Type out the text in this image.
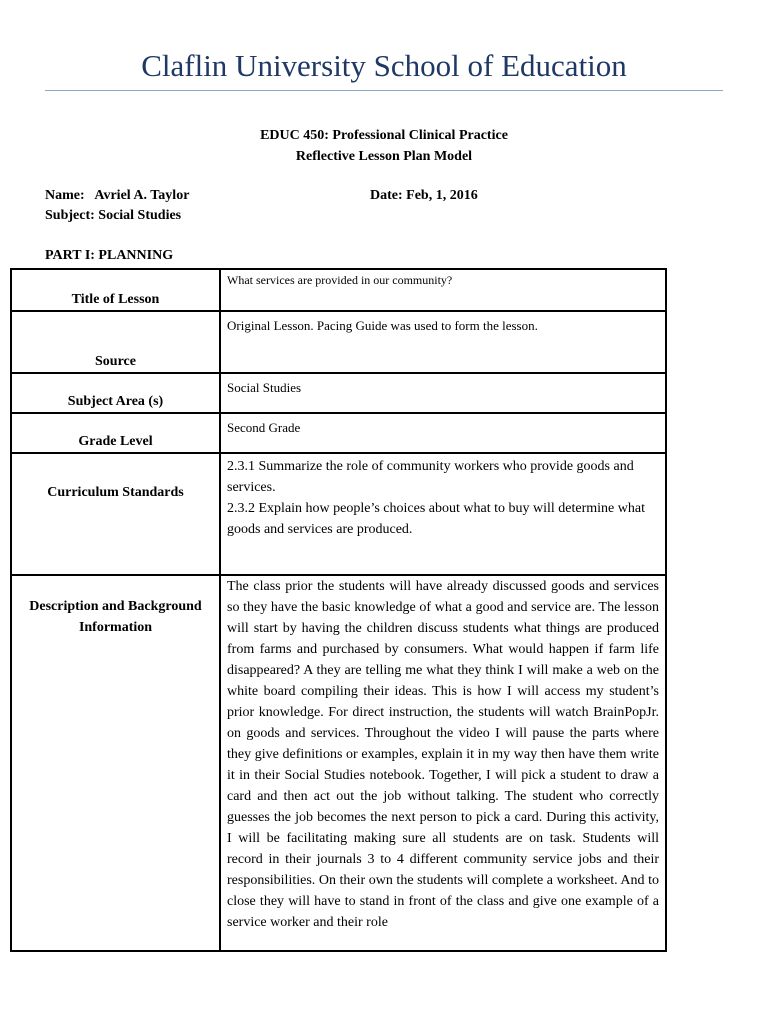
Claflin University School of Education
EDUC 450: Professional Clinical Practice
Reflective Lesson Plan Model
Name: Avriel A. Taylor	Date: Feb, 1, 2016
Subject: Social Studies
PART I: PLANNING
Title of Lesson	What services are provided in our community?

Source	Original Lesson. Pacing Guide was used to form the lesson.

Subject Area (s)	Social Studies

Grade Level	Second Grade

Curriculum Standards	2.3.1 Summarize the role of community workers who provide goods and services.
2.3.2 Explain how people’s choices about what to buy will determine what goods and services are produced.

Description and Background Information	The class prior the students will have already discussed goods and services so they have the basic knowledge of what a good and service are. The lesson will start by having the children discuss students what things are produced from farms and purchased by consumers. What would happen if farm life disappeared? A they are telling me what they think I will make a web on the white board compiling their ideas. This is how I will access my student’s prior knowledge. For direct instruction, the students will watch BrainPopJr. on goods and services. Throughout the video I will pause the parts where they give definitions or examples, explain it in my way then have them write it in their Social Studies notebook. Together, I will pick a student to draw a card and then act out the job without talking. The student who correctly guesses the job becomes the next person to pick a card. During this activity, I will be facilitating making sure all students are on task. Students will record in their journals 3 to 4 different community service jobs and their responsibilities. On their own the students will complete a worksheet. And to close they will have to stand in front of the class and give one example of a service worker and their role
